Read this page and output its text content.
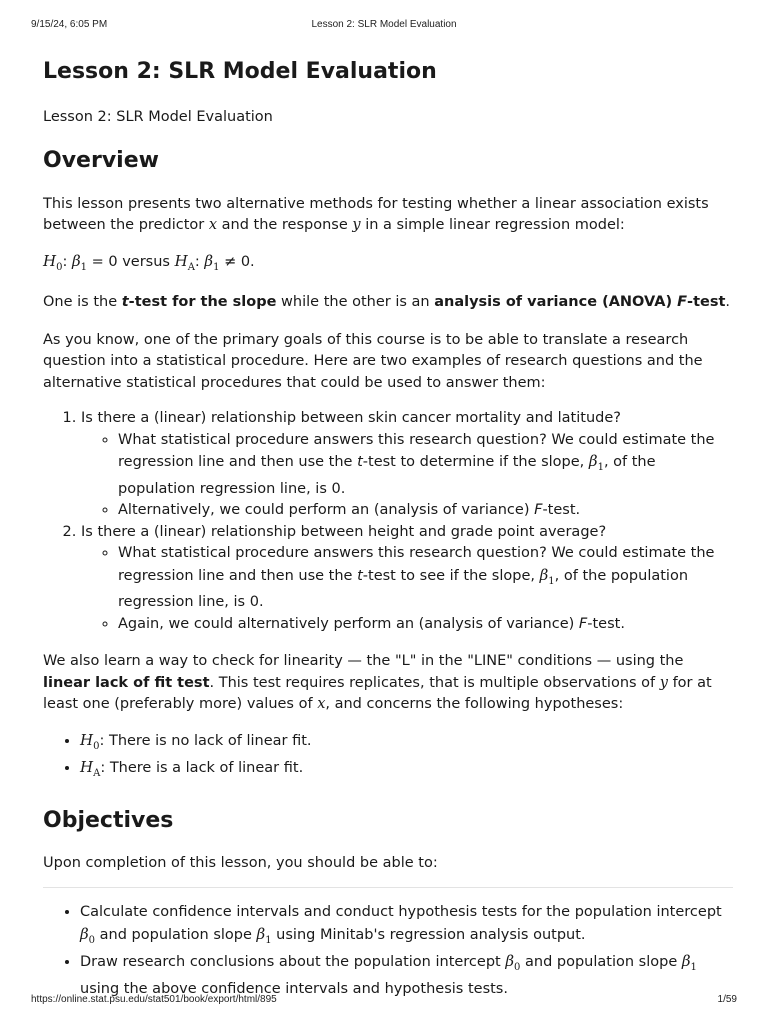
9/15/24, 6:05 PM	Lesson 2: SLR Model Evaluation
Lesson 2: SLR Model Evaluation

Lesson 2: SLR Model Evaluation

Overview

This lesson presents two alternative methods for testing whether a linear association exists between the predictor x and the response y in a simple linear regression model:

$H_0$: $\beta_1 = 0$ versus $H_A$: $\beta_1 \ne 0$.

One is the t-test for the slope while the other is an analysis of variance (ANOVA) F-test.

As you know, one of the primary goals of this course is to be able to translate a research question into a statistical procedure. Here are two examples of research questions and the alternative statistical procedures that could be used to answer them:

1. Is there a (linear) relationship between skin cancer mortality and latitude?
◦ What statistical procedure answers this research question? We could estimate the regression line and then use the t-test to determine if the slope, $\beta_1$, of the population regression line, is 0.
◦ Alternatively, we could perform an (analysis of variance) F-test.
2. Is there a (linear) relationship between height and grade point average?
◦ What statistical procedure answers this research question? We could estimate the regression line and then use the t-test to see if the slope, $\beta_1$, of the population regression line, is 0.
◦ Again, we could alternatively perform an (analysis of variance) F-test.

We also learn a way to check for linearity — the "L" in the "LINE" conditions — using the linear lack of fit test. This test requires replicates, that is multiple observations of y for at least one (preferably more) values of x, and concerns the following hypotheses:

• $H_0$: There is no lack of linear fit.
• $H_A$: There is a lack of linear fit.
Objectives

Upon completion of this lesson, you should be able to:

• Calculate confidence intervals and conduct hypothesis tests for the population intercept $\beta_0$ and population slope $\beta_1$ using Minitab's regression analysis output.
• Draw research conclusions about the population intercept $\beta_0$ and population slope $\beta_1$ using the above confidence intervals and hypothesis tests.
https://online.stat.psu.edu/stat501/book/export/html/895	1/59
